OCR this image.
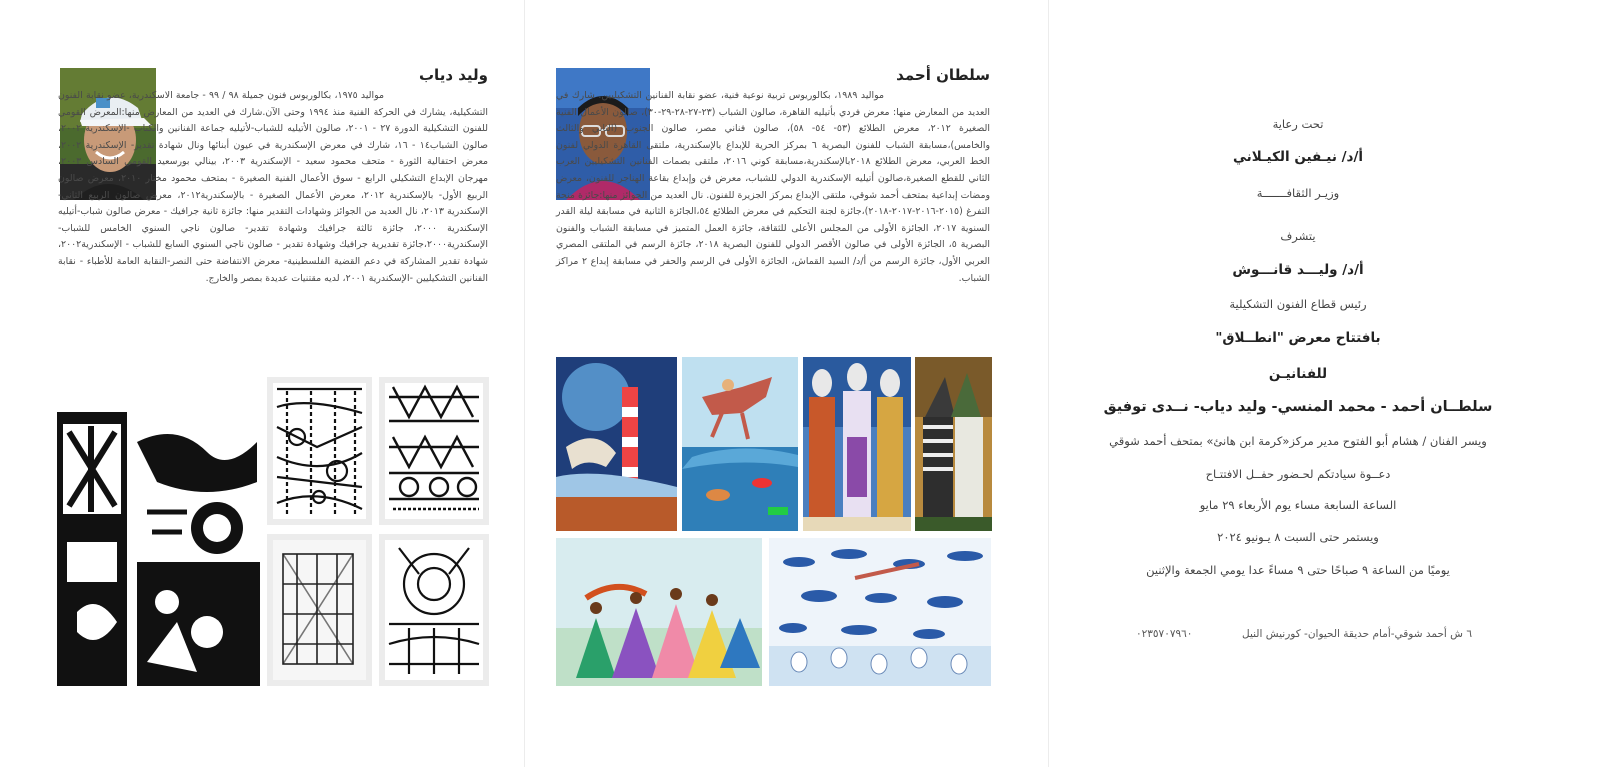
وليد دياب

مواليد ١٩٧٥، بكالوريوس فنون جميلة ٩٨ / ٩٩ - جامعة الاسكندرية، عضو نقابة الفنون التشكيلية، يشارك في الحركة الفنية منذ ١٩٩٤ وحتى الآن.شارك في العديد من المعارض منها:المعرض القومي للفنون التشكيلية الدورة ٢٧ - ٢٠٠١، صالون الأتيليه للشباب-لأتيليه جماعة الفنانين والكتاب -الإسكندرية ٢٠٠٢، صالون الشباب١٤ - ١٦، شارك في معرض الإسكندرية في عيون أبنائها ونال شهادة تقدير- الإسكندرية ٢٠٠٢، معرض احتفالية الثورة - متحف محمود سعيد - الإسكندرية ٢٠٠٣، بينالي بورسعيد القومي السادس ٢٠٠٣، مهرجان الإبداع التشكيلي الرابع - سوق الأعمال الفنية الصغيرة - بمتحف محمود مختار ٢٠١٠، معرض صالون الربيع الأول- بالإسكندرية ٢٠١٢، معرض الأعمال الصغيرة - بالإسكندرية٢٠١٢، معرض صالون الربيع الثاني- الإسكندرية ٢٠١٣، نال العديد من الجوائز وشهادات التقدير منها: جائزة ثانية جرافيك - معرض صالون شباب-أتيليه الإسكندرية ٢٠٠٠، جائزة ثالثة جرافيك وشهادة تقدير- صالون ناجي السنوي الخامس للشباب-الإسكندرية٢٠٠٠،جائزة تقديرية جرافيك وشهادة تقدير - صالون ناجي السنوي السابع للشباب - الإسكندرية٢٠٠٢، شهادة تقدير المشاركة في دعم القضية الفلسطينية- معرض الانتفاضة حتى النصر-النقابة العامة للأطباء - نقابة الفنانين التشكيليين -الإسكندرية ٢٠٠١، لديه مقتنيات عديدة بمصر والخارج.

سلطان أحمد

مواليد ١٩٨٩، بكالوريوس تربية نوعية فنية، عضو نقابة الفنانين التشكيليين. شارك في العديد من المعارض منها: معرض فردي بأتيليه القاهرة، صالون الشباب (٢٣-٢٧-٢٨-٢٩-٣٠)، صالون الأعمال الفنية الصغيرة ٢٠١٢، معرض الطلائع (٥٣- ٥٤- ٥٨)، صالون فناني مصر، صالون الجنوب (الثاني والثالث والخامس)،مسابقة الشباب للفنون البصرية ٦ بمركز الحرية للإبداع بالإسكندرية، ملتقى القاهرة الدولي لفنون الخط العربي، معرض الطلائع ٢٠١٨بالإسكندرية،مسابقة كوني ٢٠١٦، ملتقى بصمات الفنانين التشكيليين العرب الثاني للقطع الصغيرة،صالون أتيليه الإسكندرية الدولي للشباب، معرض فن وإبداع بقاعة الهناجر للفنون، معرض ومضات إبداعية بمتحف أحمد شوقي، ملتقى الإبداع بمركز الجزيرة للفنون. نال العديد من الجوائز منها:جائزة منحة التفرغ (٢٠١٥-٢٠١٦-٢٠١٧-٢٠١٨)،جائزة لجنة التحكيم في معرض الطلائع ٥٤،الجائزة الثانية في مسابقة ليلة القدر السنوية ٢٠١٧، الجائزة الأولى من المجلس الأعلى للثقافة، جائزة العمل المتميز في مسابقة الشباب والفنون البصرية ٥، الجائزة الأولى في صالون الأقصر الدولي للفنون البصرية ٢٠١٨، جائزة الرسم في الملتقى المصري العربي الأول، جائزة الرسم من أ/د/ السيد القماش، الجائزة الأولى في الرسم والحفر في مسابقة إبداع ٢ مراكز الشباب.

تحت رعاية
أ/د/ نيـفين الكيـلاني
وزيـر الثقافـــــــة
يتشرف
أ/د/ وليـــد قانـــوش
رئيس قطاع الفنون التشكيلية
بافتتاح معرض "انطــلاق"
للفنانيـن
سلطــان أحمد - محمد المنسي- وليد دياب- نــدى توفيق
ويسر الفنان / هشام أبو الفتوح مدير مركز«كرمة ابن هانئ» بمتحف أحمد شوقي
دعــوة سيادتكم لحـضور حفــل الافتتـاح
الساعة السابعة مساء يوم الأربعاء ٢٩ مايو
ويستمر حتى السبت ٨ يـونيو ٢٠٢٤
يوميًا من الساعة ٩ صباحًا حتى ٩ مساءً عدا يومي الجمعة والإثنين
٦ ش أحمد شوقي-أمام حديقة الحيوان- كورنيش النيل
٠٢٣٥٧٠٧٩٦٠
